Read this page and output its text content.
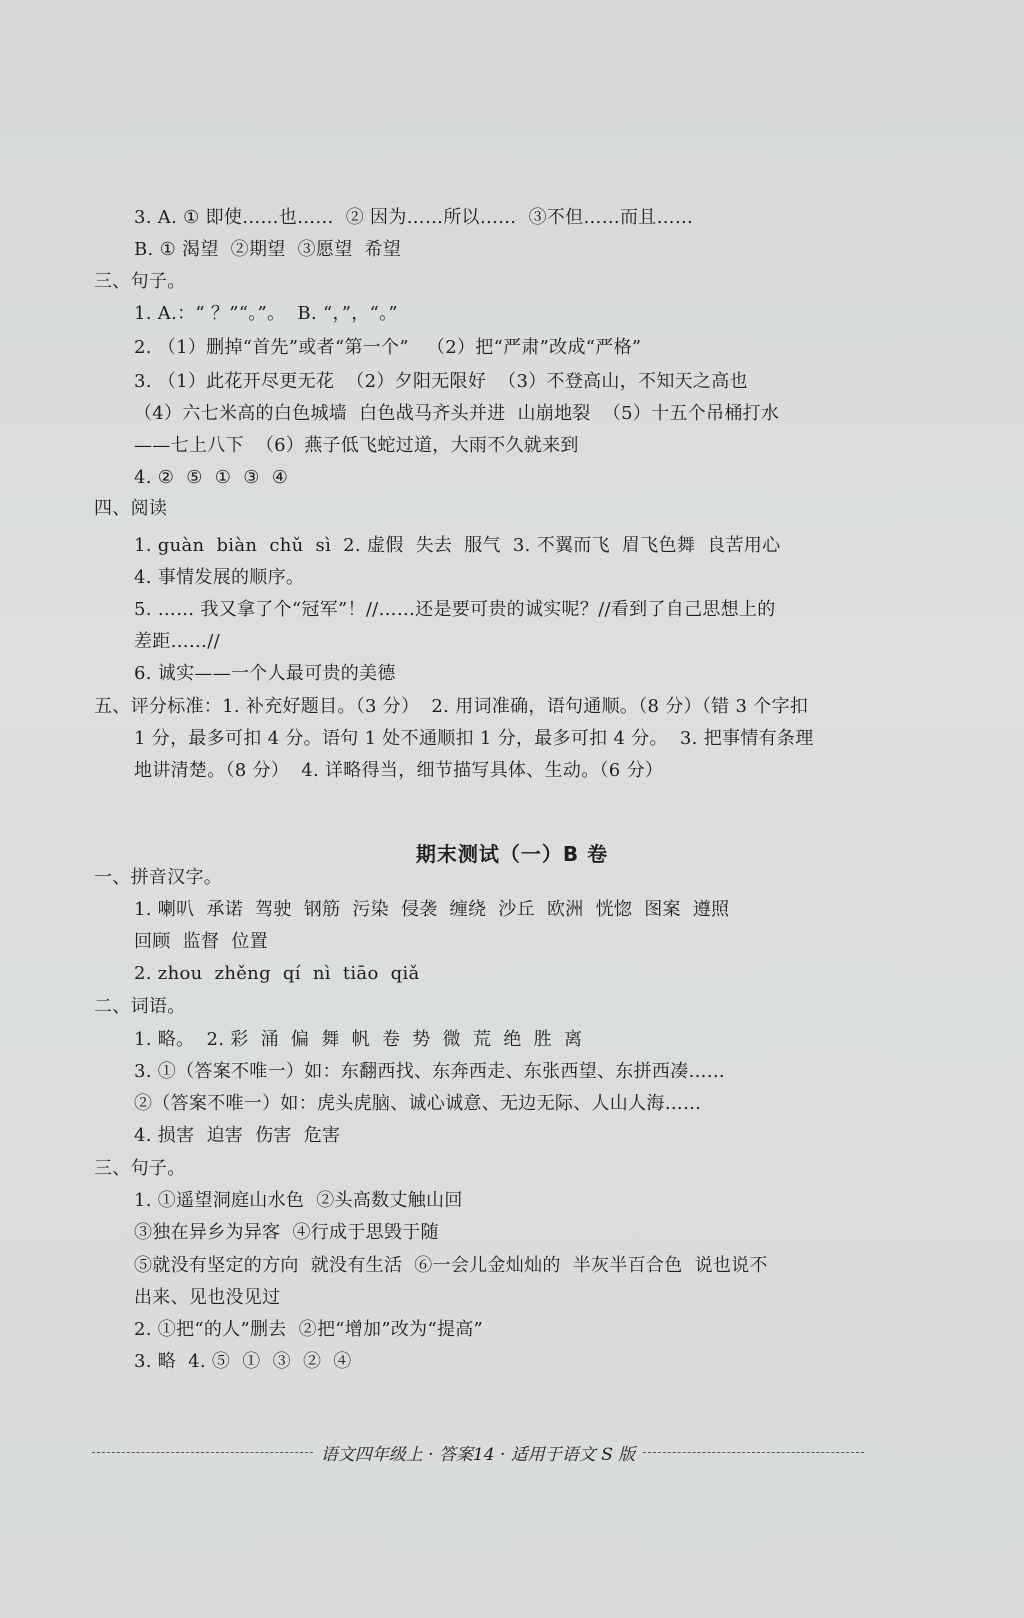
3. A. ① 即使……也……  ② 因为……所以……  ③不但……而且……
B. ① 渴望  ②期望  ③愿望  希望
三、句子。
1. A.：“ ？”“。”。  B. “，”，“。”
2. （1）删掉“首先”或者“第一个”   （2）把“严肃”改成“严格”
3. （1）此花开尽更无花  （2）夕阳无限好  （3）不登高山，不知天之高也
（4）六七米高的白色城墙  白色战马齐头并进  山崩地裂  （5）十五个吊桶打水
——七上八下  （6）燕子低飞蛇过道，大雨不久就来到
4. ②  ⑤  ①  ③  ④
四、阅读
1. guàn  biàn  chǔ  sì  2. 虚假  失去  服气  3. 不翼而飞  眉飞色舞  良苦用心
4. 事情发展的顺序。
5. …… 我又拿了个“冠军”！//……还是要可贵的诚实呢？//看到了自己思想上的
差距……//
6. 诚实——一个人最可贵的美德
五、评分标准：1. 补充好题目。（3 分）  2. 用词准确，语句通顺。（8 分）（错 3 个字扣
1 分，最多可扣 4 分。语句 1 处不通顺扣 1 分，最多可扣 4 分。  3. 把事情有条理
地讲清楚。（8 分）  4. 详略得当，细节描写具体、生动。（6 分）
期末测试（一）B 卷
一、拼音汉字。
1. 喇叭  承诺  驾驶  钢筋  污染  侵袭  缠绕  沙丘  欧洲  恍惚  图案  遵照
回顾  监督  位置
2. zhou  zhěng  qí  nì  tiāo  qiǎ
二、词语。
1. 略。  2. 彩  涌  偏  舞  帆  卷  势  微  荒  绝  胜  离
3. ①（答案不唯一）如：东翻西找、东奔西走、东张西望、东拼西凑……
②（答案不唯一）如：虎头虎脑、诚心诚意、无边无际、人山人海……
4. 损害  迫害  伤害  危害
三、句子。
1. ①遥望洞庭山水色  ②头高数丈触山回
③独在异乡为异客  ④行成于思毁于随
⑤就没有坚定的方向  就没有生活  ⑥一会儿金灿灿的  半灰半百合色  说也说不
出来、见也没见过
2. ①把“的人”删去  ②把“增加”改为“提高”
3. 略  4. ⑤  ①  ③  ②  ④
语文四年级上 · 答案14 · 适用于语文 S 版
